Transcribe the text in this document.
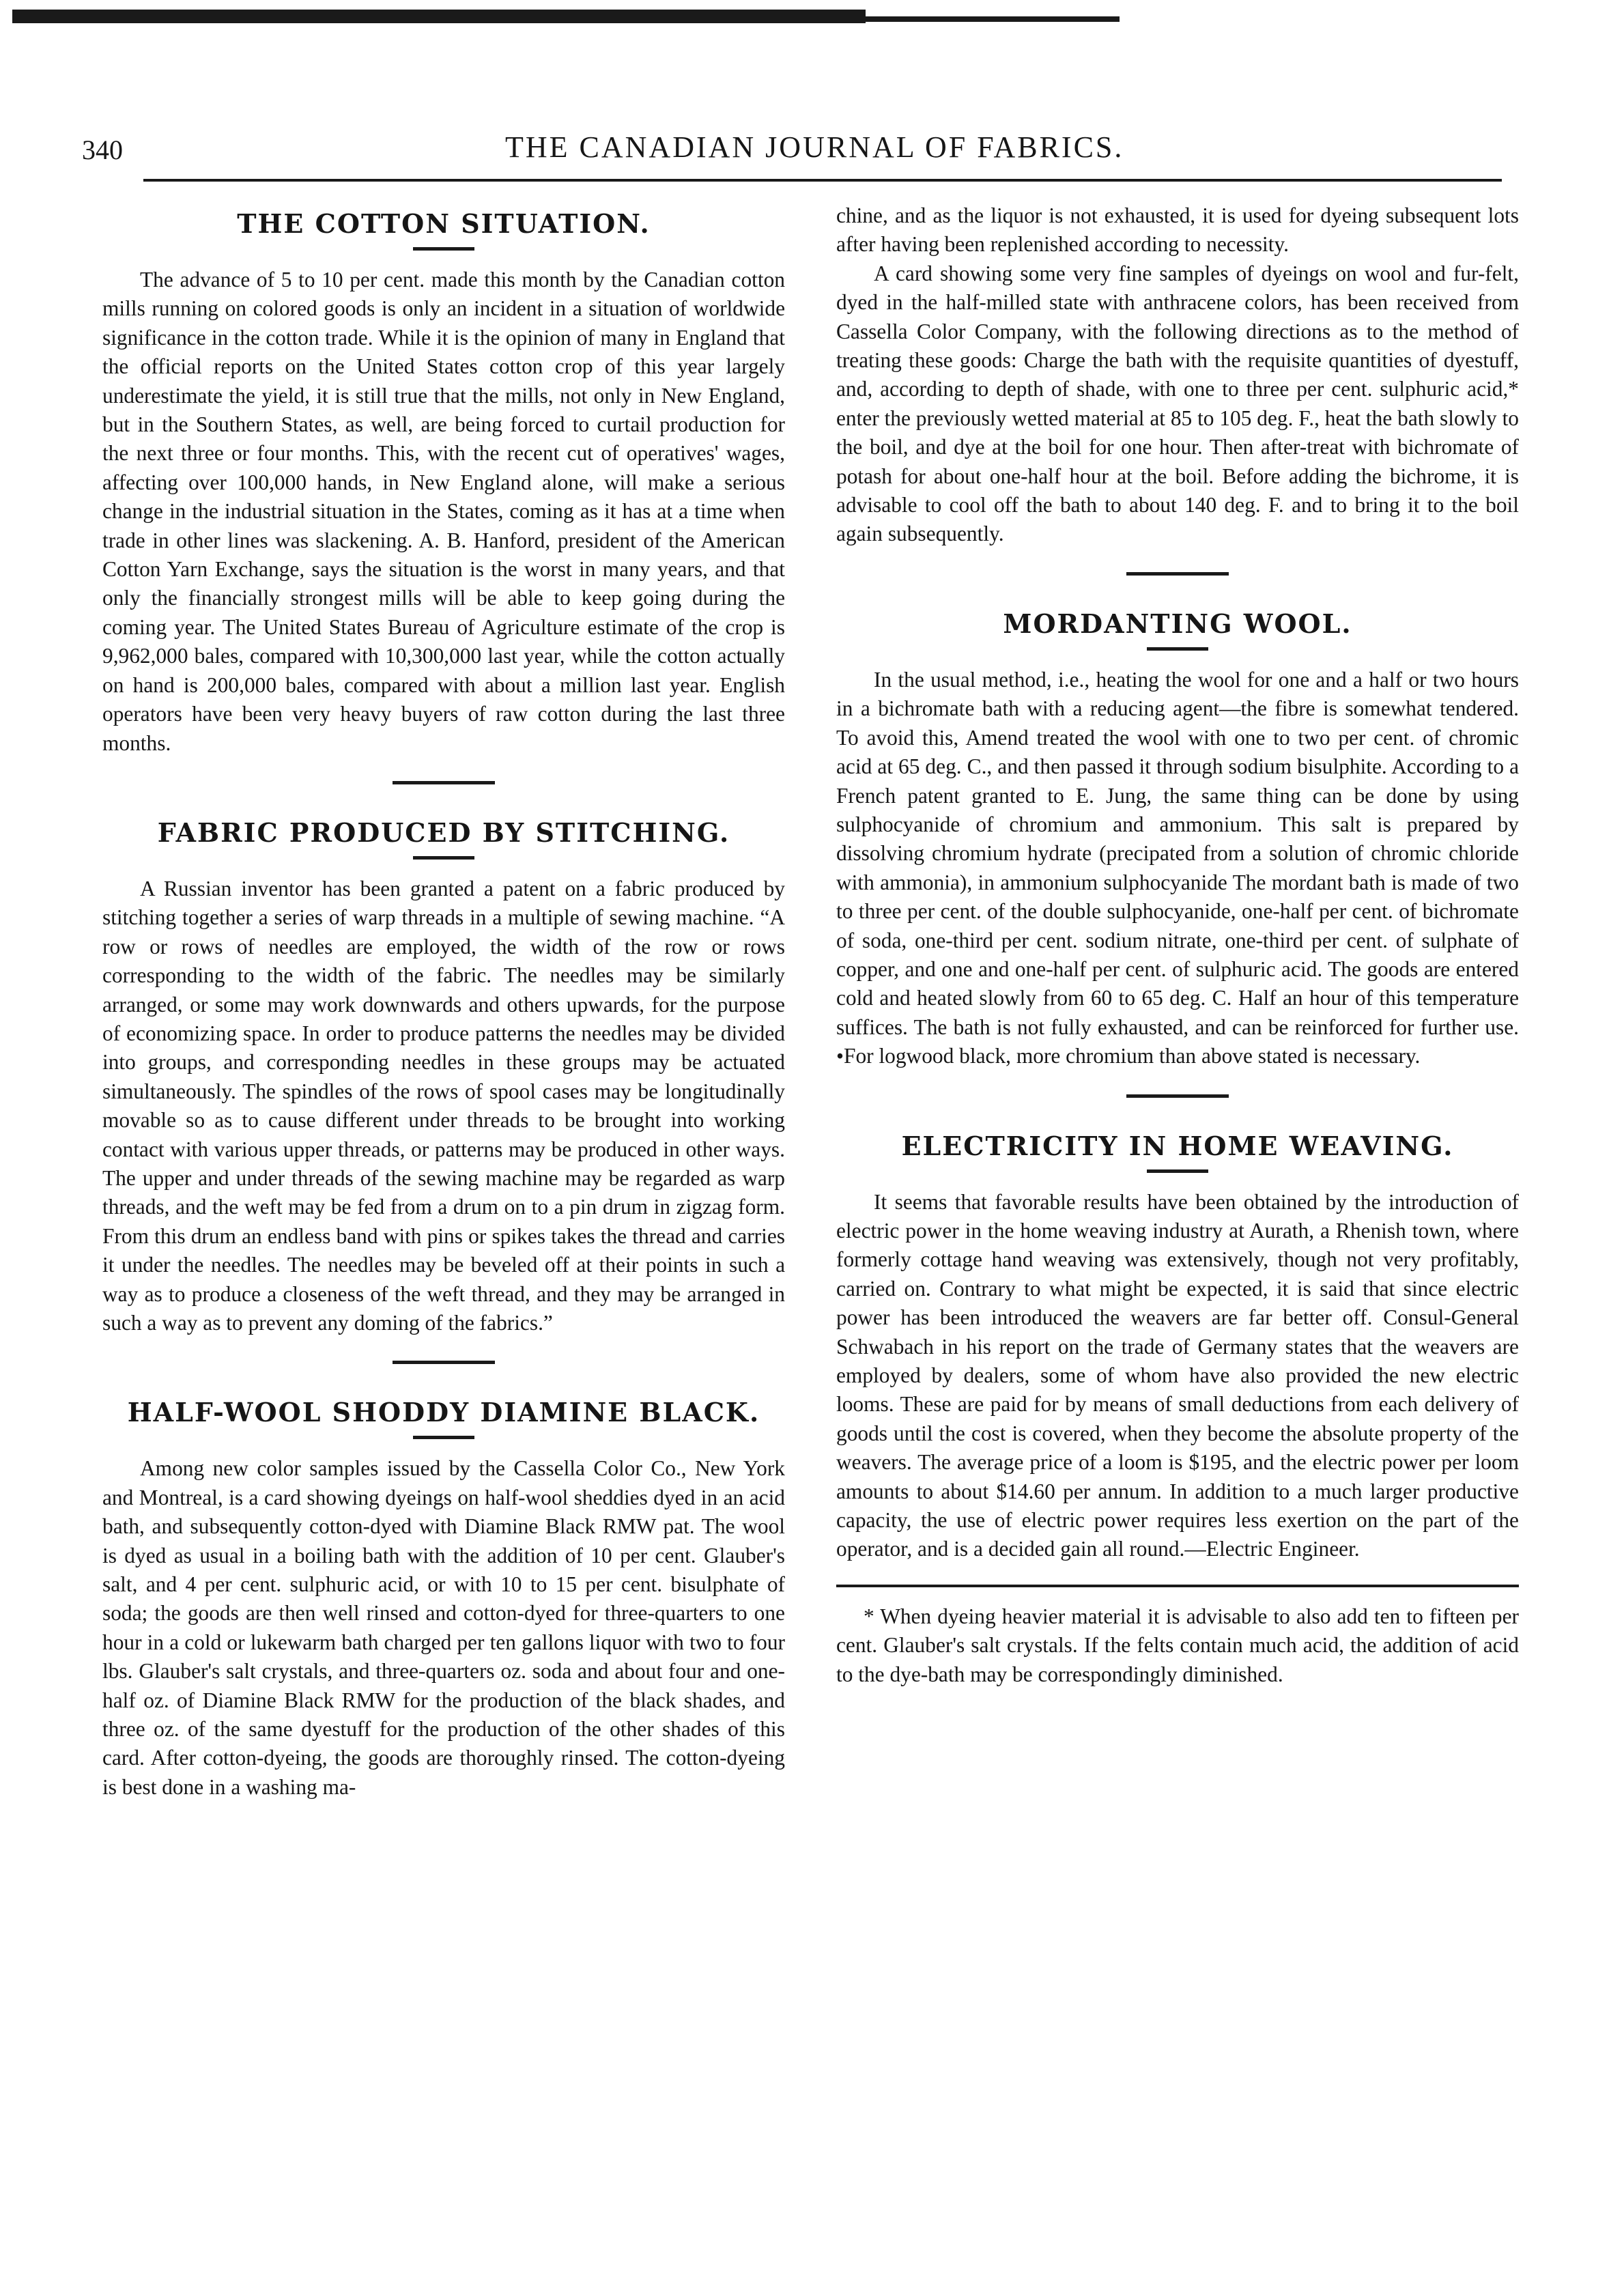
340	THE CANADIAN JOURNAL OF FABRICS.
THE COTTON SITUATION.

The advance of 5 to 10 per cent. made this month by the Canadian cotton mills running on colored goods is only an incident in a situation of worldwide significance in the cotton trade. While it is the opinion of many in England that the official reports on the United States cotton crop of this year largely underestimate the yield, it is still true that the mills, not only in New England, but in the Southern States, as well, are being forced to curtail production for the next three or four months. This, with the recent cut of operatives' wages, affecting over 100,000 hands, in New England alone, will make a serious change in the industrial situation in the States, coming as it has at a time when trade in other lines was slackening. A. B. Hanford, president of the American Cotton Yarn Exchange, says the situation is the worst in many years, and that only the financially strongest mills will be able to keep going during the coming year. The United States Bureau of Agriculture estimate of the crop is 9,962,000 bales, compared with 10,300,000 last year, while the cotton actually on hand is 200,000 bales, compared with about a million last year. English operators have been very heavy buyers of raw cotton during the last three months.

FABRIC PRODUCED BY STITCHING.

A Russian inventor has been granted a patent on a fabric produced by stitching together a series of warp threads in a multiple of sewing machine. “A row or rows of needles are employed, the width of the row or rows corresponding to the width of the fabric. The needles may be similarly arranged, or some may work downwards and others upwards, for the purpose of economizing space. In order to produce patterns the needles may be divided into groups, and corresponding needles in these groups may be actuated simultaneously. The spindles of the rows of spool cases may be longitudinally movable so as to cause different under threads to be brought into working contact with various upper threads, or patterns may be produced in other ways. The upper and under threads of the sewing machine may be regarded as warp threads, and the weft may be fed from a drum on to a pin drum in zigzag form. From this drum an endless band with pins or spikes takes the thread and carries it under the needles. The needles may be beveled off at their points in such a way as to produce a closeness of the weft thread, and they may be arranged in such a way as to prevent any doming of the fabrics.”

HALF-WOOL SHODDY DIAMINE BLACK.

Among new color samples issued by the Cassella Color Co., New York and Montreal, is a card showing dyeings on half-wool sheddies dyed in an acid bath, and subsequently cotton-dyed with Diamine Black RMW pat. The wool is dyed as usual in a boiling bath with the addition of 10 per cent. Glauber's salt, and 4 per cent. sulphuric acid, or with 10 to 15 per cent. bisulphate of soda; the goods are then well rinsed and cotton-dyed for three-quarters to one hour in a cold or lukewarm bath charged per ten gallons liquor with two to four lbs. Glauber's salt crystals, and three-quarters oz. soda and about four and one-half oz. of Diamine Black RMW for the production of the black shades, and three oz. of the same dyestuff for the production of the other shades of this card. After cotton-dyeing, the goods are thoroughly rinsed. The cotton-dyeing is best done in a washing ma-

chine, and as the liquor is not exhausted, it is used for dyeing subsequent lots after having been replenished according to necessity.

A card showing some very fine samples of dyeings on wool and fur-felt, dyed in the half-milled state with anthracene colors, has been received from Cassella Color Company, with the following directions as to the method of treating these goods: Charge the bath with the requisite quantities of dyestuff, and, according to depth of shade, with one to three per cent. sulphuric acid,* enter the previously wetted material at 85 to 105 deg. F., heat the bath slowly to the boil, and dye at the boil for one hour. Then after-treat with bichromate of potash for about one-half hour at the boil. Before adding the bichrome, it is advisable to cool off the bath to about 140 deg. F. and to bring it to the boil again subsequently.

MORDANTING WOOL.

In the usual method, i.e., heating the wool for one and a half or two hours in a bichromate bath with a reducing agent—the fibre is somewhat tendered. To avoid this, Amend treated the wool with one to two per cent. of chromic acid at 65 deg. C., and then passed it through sodium bisulphite. According to a French patent granted to E. Jung, the same thing can be done by using sulphocyanide of chromium and ammonium. This salt is prepared by dissolving chromium hydrate (precipated from a solution of chromic chloride with ammonia), in ammonium sulphocyanide The mordant bath is made of two to three per cent. of the double sulphocyanide, one-half per cent. of bichromate of soda, one-third per cent. sodium nitrate, one-third per cent. of sulphate of copper, and one and one-half per cent. of sulphuric acid. The goods are entered cold and heated slowly from 60 to 65 deg. C. Half an hour of this temperature suffices. The bath is not fully exhausted, and can be reinforced for further use. •For logwood black, more chromium than above stated is necessary.

ELECTRICITY IN HOME WEAVING.

It seems that favorable results have been obtained by the introduction of electric power in the home weaving industry at Aurath, a Rhenish town, where formerly cottage hand weaving was extensively, though not very profitably, carried on. Contrary to what might be expected, it is said that since electric power has been introduced the weavers are far better off. Consul-General Schwabach in his report on the trade of Germany states that the weavers are employed by dealers, some of whom have also provided the new electric looms. These are paid for by means of small deductions from each delivery of goods until the cost is covered, when they become the absolute property of the weavers. The average price of a loom is $195, and the electric power per loom amounts to about $14.60 per annum. In addition to a much larger productive capacity, the use of electric power requires less exertion on the part of the operator, and is a decided gain all round.—Electric Engineer.

* When dyeing heavier material it is advisable to also add ten to fifteen per cent. Glauber's salt crystals. If the felts contain much acid, the addition of acid to the dye-bath may be correspondingly diminished.
